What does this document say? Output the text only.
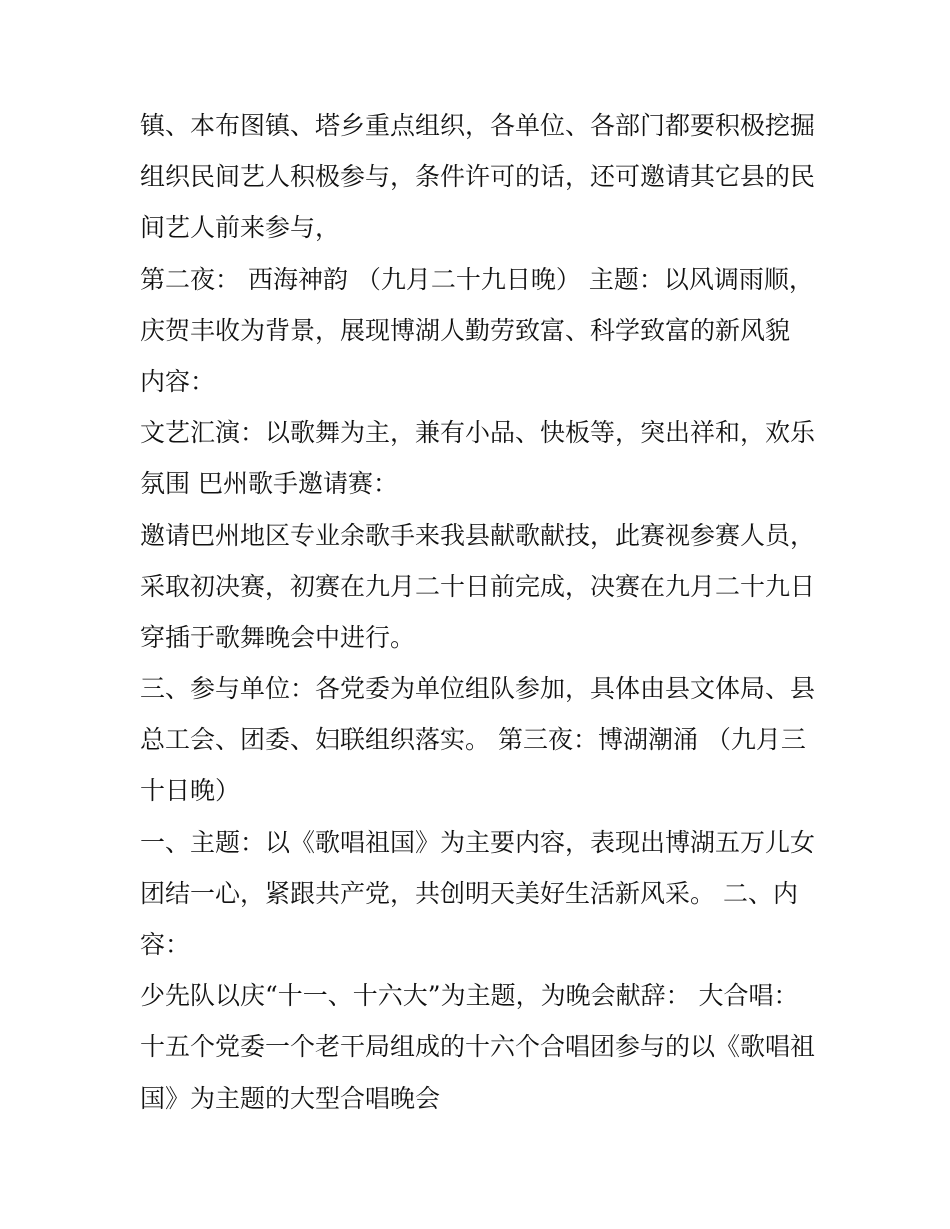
镇、本布图镇、塔乡重点组织，各单位、各部门都要积极挖掘
组织民间艺人积极参与，条件许可的话，还可邀请其它县的民
间艺人前来参与，
第二夜： 西海神韵 （九月二十九日晚） 主题：以风调雨顺，
庆贺丰收为背景，展现博湖人勤劳致富、科学致富的新风貌
内容：
文艺汇演：以歌舞为主，兼有小品、快板等，突出祥和，欢乐
氛围 巴州歌手邀请赛：
邀请巴州地区专业余歌手来我县献歌献技，此赛视参赛人员，
采取初决赛，初赛在九月二十日前完成，决赛在九月二十九日
穿插于歌舞晚会中进行。
三、参与单位：各党委为单位组队参加，具体由县文体局、县
总工会、团委、妇联组织落实。 第三夜：博湖潮涌 （九月三
十日晚）
一、主题：以《歌唱祖国》为主要内容，表现出博湖五万儿女
团结一心，紧跟共产党，共创明天美好生活新风采。 二、内
容：
少先队以庆“十一、十六大”为主题，为晚会献辞： 大合唱：
十五个党委一个老干局组成的十六个合唱团参与的以《歌唱祖
国》为主题的大型合唱晚会
